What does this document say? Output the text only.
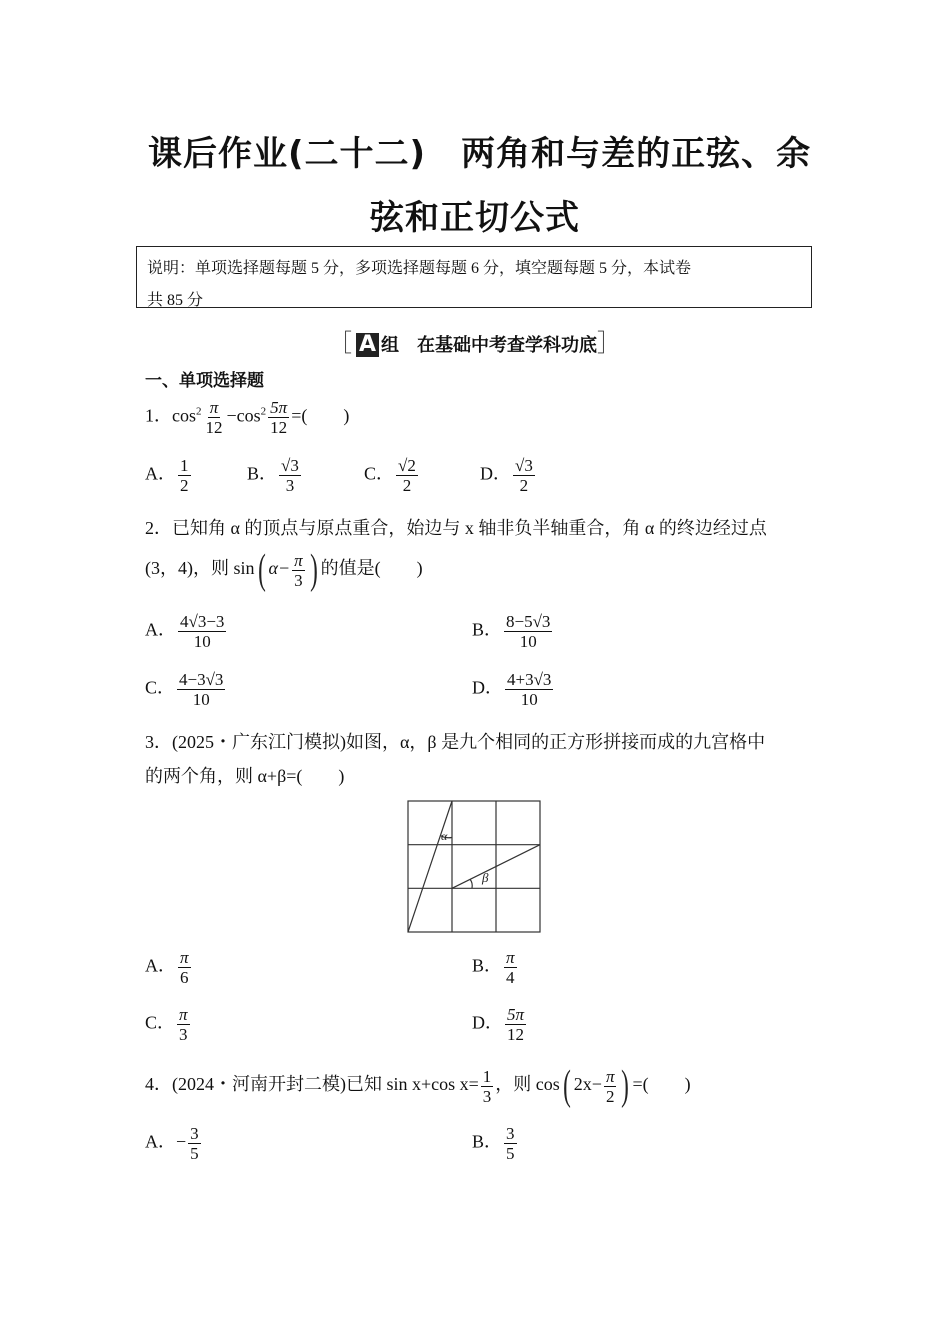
课后作业(二十二)　两角和与差的正弦、余
弦和正切公式
说明：单项选择题每题 5 分，多项选择题每题 6 分，填空题每题 5 分，本试卷
共 85 分
［ A 组　在基础中考查学科功底］
一、单项选择题
1．$\cos^2 \frac{\pi}{12} -\cos^2 \frac{5\pi}{12}$ =(　　)
A． $\frac{1}{2}$	B． $\frac{√3}{3}$	C． $\frac{√2}{2}$	D． $\frac{√3}{2}$
2．已知角 α 的顶点与原点重合，始边与 x 轴非负半轴重合，角 α 的终边经过点
(3，4)，则 sin( $\alpha- \frac{\pi}{3}$ ) 的值是(　　)
A． $\frac{4√3-3}{10}$	B． $\frac{8-5√3}{10}$
C． $\frac{4-3√3}{10}$	D． $\frac{4+3√3}{10}$
3．(2025・广东江门模拟)如图，α，β 是九个相同的正方形拼接而成的九宫格中
的两个角，则 α+β=(　　)
α
β
A． $\frac{\pi}{6}$	B． $\frac{\pi}{4}$
C． $\frac{\pi}{3}$	D． $\frac{5\pi}{12}$
4．(2024・河南开封二模)已知 sin x+cos $x= \frac{1}{3}$ ，则 cos( $2x- \frac{\pi}{2}$ ) =(　　)
A．− $\frac{3}{5}$	B． $\frac{3}{5}$
